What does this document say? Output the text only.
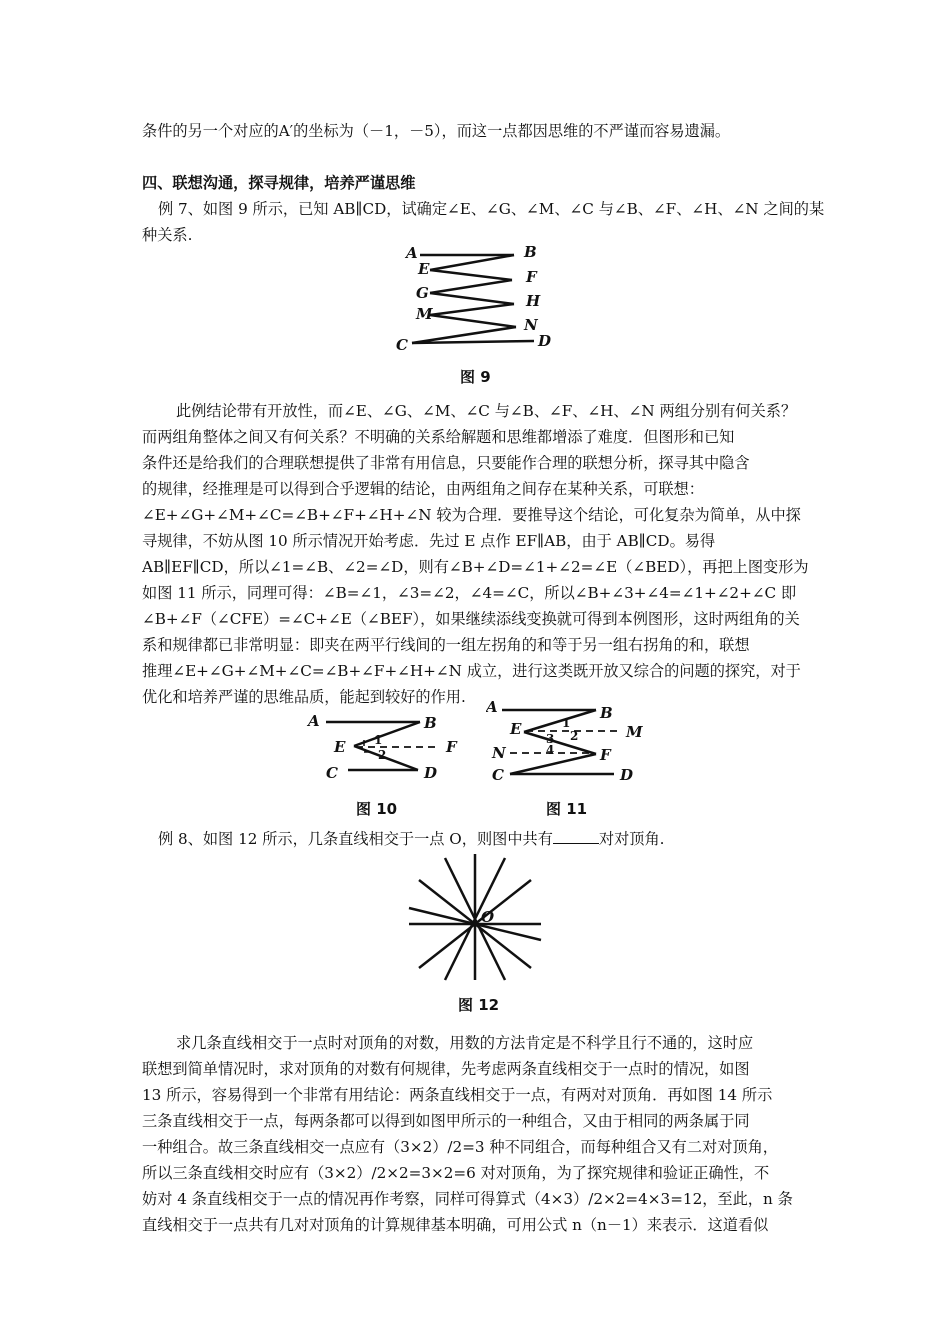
条件的另一个对应的A′的坐标为（－1，－5），而这一点都因思维的不严谨而容易遗漏。
四、联想沟通，探寻规律，培养严谨思维
例 7、如图 9 所示，已知 AB∥CD，试确定∠E、∠G、∠M、∠C 与∠B、∠F、∠H、∠N 之间的某
种关系.
A	B
E	F
G	H
M
N
C	D
图 9
此例结论带有开放性，而∠E、∠G、∠M、∠C 与∠B、∠F、∠H、∠N 两组分别有何关系？
而两组角整体之间又有何关系？不明确的关系给解题和思维都增添了难度．但图形和已知
条件还是给我们的合理联想提供了非常有用信息，只要能作合理的联想分析，探寻其中隐含
的规律，经推理是可以得到合乎逻辑的结论，由两组角之间存在某种关系，可联想：
∠E+∠G+∠M+∠C=∠B+∠F+∠H+∠N 较为合理．要推导这个结论，可化复杂为简单，从中探
寻规律，不妨从图 10 所示情况开始考虑．先过 E 点作 EF∥AB，由于 AB∥CD。易得
AB∥EF∥CD，所以∠1=∠B、∠2=∠D，则有∠B+∠D=∠1+∠2=∠E（∠BED），再把上图变形为
如图 11 所示，同理可得：∠B=∠1，∠3=∠2，∠4=∠C，所以∠B+∠3+∠4=∠1+∠2+∠C 即
∠B+∠F（∠CFE）=∠C+∠E（∠BEF），如果继续添线变换就可得到本例图形，这时两组角的关
系和规律都已非常明显：即夹在两平行线间的一组左拐角的和等于另一组右拐角的和，联想
推理∠E+∠G+∠M+∠C=∠B+∠F+∠H+∠N 成立，进行这类既开放又综合的问题的探究，对于
优化和培养严谨的思维品质，能起到较好的作用.
A	B
E	F
C	D
1
2
图 10
A	B
E	M
N	F
C	D
1
2
3
4
图 11
例 8、如图 12 所示，几条直线相交于一点 O，则图中共有	对对顶角.
O
图 12
求几条直线相交于一点时对顶角的对数，用数的方法肯定是不科学且行不通的，这时应
联想到简单情况时，求对顶角的对数有何规律，先考虑两条直线相交于一点时的情况，如图
13 所示，容易得到一个非常有用结论：两条直线相交于一点，有两对对顶角．再如图 14 所示
三条直线相交于一点，每两条都可以得到如图甲所示的一种组合，又由于相同的两条属于同
一种组合。故三条直线相交一点应有（3×2）/2=3 种不同组合，而每种组合又有二对对顶角，
所以三条直线相交时应有（3×2）/2×2=3×2=6 对对顶角，为了探究规律和验证正确性，不
妨对 4 条直线相交于一点的情况再作考察，同样可得算式（4×3）/2×2=4×3=12，至此，n 条
直线相交于一点共有几对对顶角的计算规律基本明确，可用公式 n（n－1）来表示．这道看似
